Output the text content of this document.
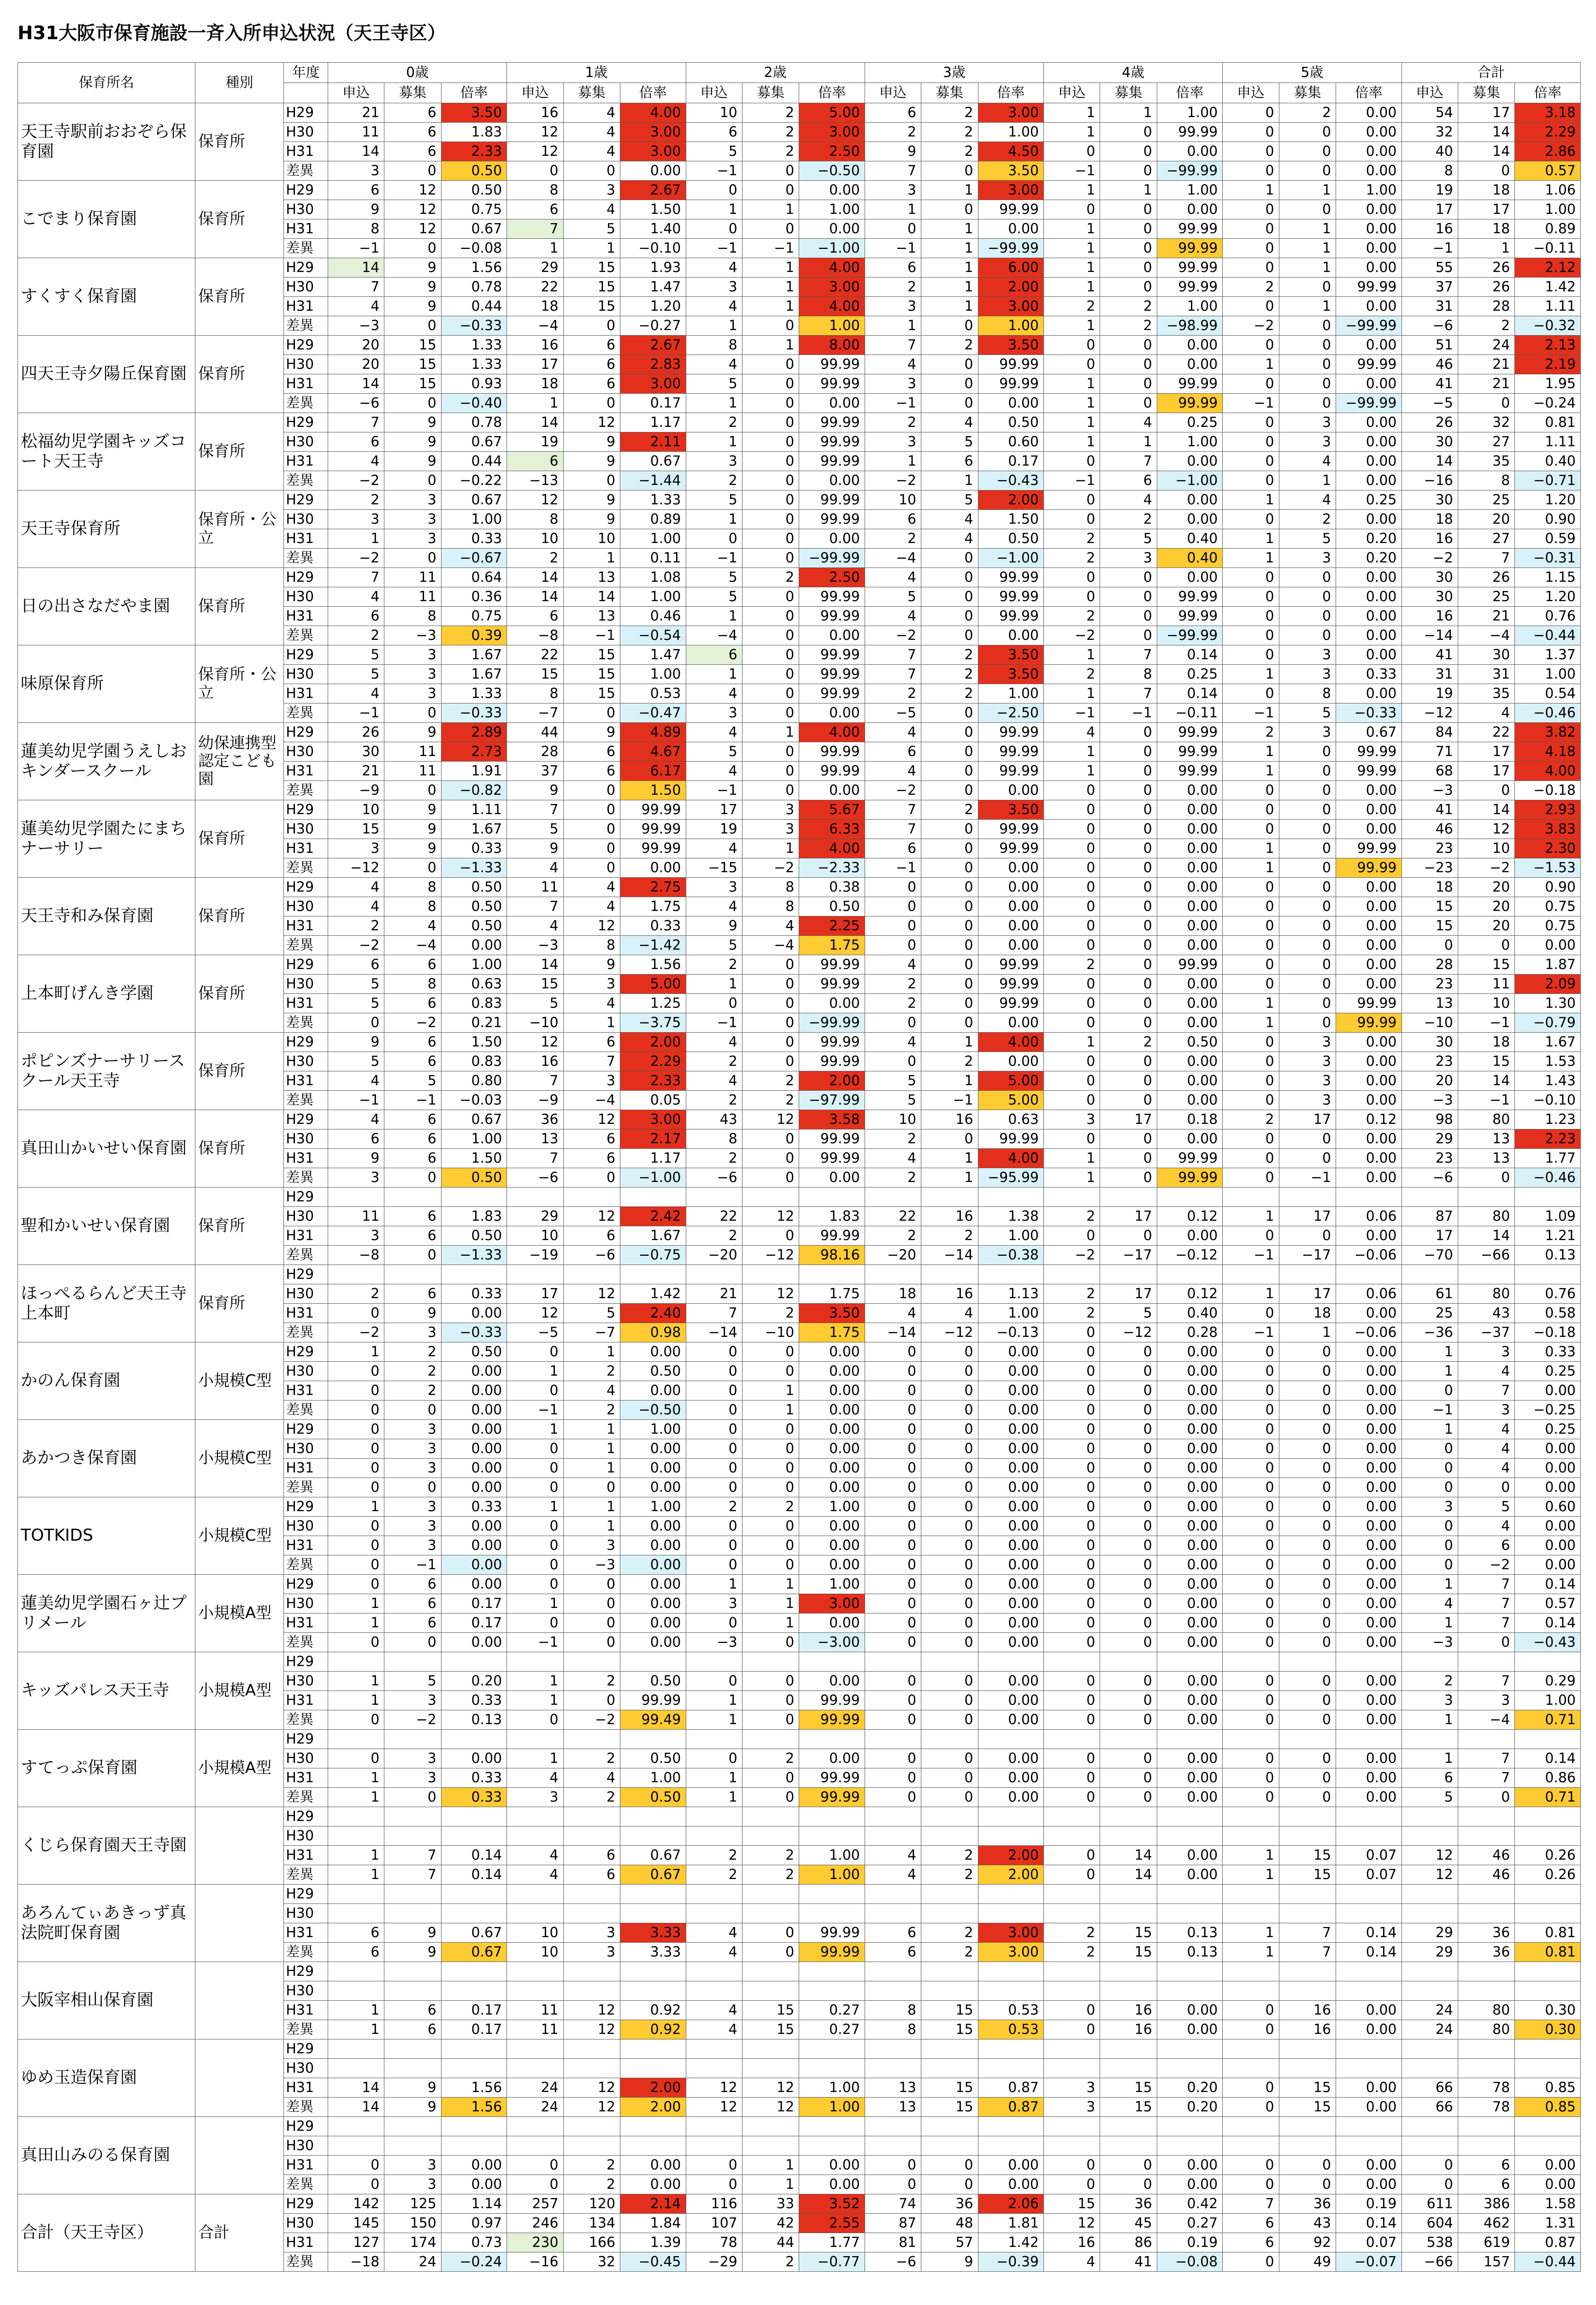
H31大阪市保育施設一斉入所申込状況（天王寺区）
保育所名	種別	年度	0歳			1歳			2歳			3歳			4歳			5歳			合計		
			申込	募集	倍率	申込	募集	倍率	申込	募集	倍率	申込	募集	倍率	申込	募集	倍率	申込	募集	倍率	申込	募集	倍率
天王寺駅前おおぞら保育園	保育所	H29	21	6	3.50	16	4	4.00	10	2	5.00	6	2	3.00	1	1	1.00	0	2	0.00	54	17	3.18
		H30	11	6	1.83	12	4	3.00	6	2	3.00	2	2	1.00	1	0	99.99	0	0	0.00	32	14	2.29
		H31	14	6	2.33	12	4	3.00	5	2	2.50	9	2	4.50	0	0	0.00	0	0	0.00	40	14	2.86
		差異	3	0	0.50	0	0	0.00	−1	0	−0.50	7	0	3.50	−1	0	−99.99	0	0	0.00	8	0	0.57
こでまり保育園	保育所	H29	6	12	0.50	8	3	2.67	0	0	0.00	3	1	3.00	1	1	1.00	1	1	1.00	19	18	1.06
		H30	9	12	0.75	6	4	1.50	1	1	1.00	1	0	99.99	0	0	0.00	0	0	0.00	17	17	1.00
		H31	8	12	0.67	7	5	1.40	0	0	0.00	0	1	0.00	1	0	99.99	0	1	0.00	16	18	0.89
		差異	−1	0	−0.08	1	1	−0.10	−1	−1	−1.00	−1	1	−99.99	1	0	99.99	0	1	0.00	−1	1	−0.11
すくすく保育園	保育所	H29	14	9	1.56	29	15	1.93	4	1	4.00	6	1	6.00	1	0	99.99	0	1	0.00	55	26	2.12
		H30	7	9	0.78	22	15	1.47	3	1	3.00	2	1	2.00	1	0	99.99	2	0	99.99	37	26	1.42
		H31	4	9	0.44	18	15	1.20	4	1	4.00	3	1	3.00	2	2	1.00	0	1	0.00	31	28	1.11
		差異	−3	0	−0.33	−4	0	−0.27	1	0	1.00	1	0	1.00	1	2	−98.99	−2	0	−99.99	−6	2	−0.32
四天王寺夕陽丘保育園	保育所	H29	20	15	1.33	16	6	2.67	8	1	8.00	7	2	3.50	0	0	0.00	0	0	0.00	51	24	2.13
		H30	20	15	1.33	17	6	2.83	4	0	99.99	4	0	99.99	0	0	0.00	1	0	99.99	46	21	2.19
		H31	14	15	0.93	18	6	3.00	5	0	99.99	3	0	99.99	1	0	99.99	0	0	0.00	41	21	1.95
		差異	−6	0	−0.40	1	0	0.17	1	0	0.00	−1	0	0.00	1	0	99.99	−1	0	−99.99	−5	0	−0.24
松福幼児学園キッズコート天王寺	保育所	H29	7	9	0.78	14	12	1.17	2	0	99.99	2	4	0.50	1	4	0.25	0	3	0.00	26	32	0.81
		H30	6	9	0.67	19	9	2.11	1	0	99.99	3	5	0.60	1	1	1.00	0	3	0.00	30	27	1.11
		H31	4	9	0.44	6	9	0.67	3	0	99.99	1	6	0.17	0	7	0.00	0	4	0.00	14	35	0.40
		差異	−2	0	−0.22	−13	0	−1.44	2	0	0.00	−2	1	−0.43	−1	6	−1.00	0	1	0.00	−16	8	−0.71
天王寺保育所	保育所・公立	H29	2	3	0.67	12	9	1.33	5	0	99.99	10	5	2.00	0	4	0.00	1	4	0.25	30	25	1.20
		H30	3	3	1.00	8	9	0.89	1	0	99.99	6	4	1.50	0	2	0.00	0	2	0.00	18	20	0.90
		H31	1	3	0.33	10	10	1.00	0	0	0.00	2	4	0.50	2	5	0.40	1	5	0.20	16	27	0.59
		差異	−2	0	−0.67	2	1	0.11	−1	0	−99.99	−4	0	−1.00	2	3	0.40	1	3	0.20	−2	7	−0.31
日の出さなだやま園	保育所	H29	7	11	0.64	14	13	1.08	5	2	2.50	4	0	99.99	0	0	0.00	0	0	0.00	30	26	1.15
		H30	4	11	0.36	14	14	1.00	5	0	99.99	5	0	99.99	0	0	99.99	0	0	0.00	30	25	1.20
		H31	6	8	0.75	6	13	0.46	1	0	99.99	4	0	99.99	2	0	99.99	0	0	0.00	16	21	0.76
		差異	2	−3	0.39	−8	−1	−0.54	−4	0	0.00	−2	0	0.00	−2	0	−99.99	0	0	0.00	−14	−4	−0.44
味原保育所	保育所・公立	H29	5	3	1.67	22	15	1.47	6	0	99.99	7	2	3.50	1	7	0.14	0	3	0.00	41	30	1.37
		H30	5	3	1.67	15	15	1.00	1	0	99.99	7	2	3.50	2	8	0.25	1	3	0.33	31	31	1.00
		H31	4	3	1.33	8	15	0.53	4	0	99.99	2	2	1.00	1	7	0.14	0	8	0.00	19	35	0.54
		差異	−1	0	−0.33	−7	0	−0.47	3	0	0.00	−5	0	−2.50	−1	−1	−0.11	−1	5	−0.33	−12	4	−0.46
蓮美幼児学園うえしおキンダースクール	幼保連携型認定こども園	H29	26	9	2.89	44	9	4.89	4	1	4.00	4	0	99.99	4	0	99.99	2	3	0.67	84	22	3.82
		H30	30	11	2.73	28	6	4.67	5	0	99.99	6	0	99.99	1	0	99.99	1	0	99.99	71	17	4.18
		H31	21	11	1.91	37	6	6.17	4	0	99.99	4	0	99.99	1	0	99.99	1	0	99.99	68	17	4.00
		差異	−9	0	−0.82	9	0	1.50	−1	0	0.00	−2	0	0.00	0	0	0.00	0	0	0.00	−3	0	−0.18
蓮美幼児学園たにまちナーサリー	保育所	H29	10	9	1.11	7	0	99.99	17	3	5.67	7	2	3.50	0	0	0.00	0	0	0.00	41	14	2.93
		H30	15	9	1.67	5	0	99.99	19	3	6.33	7	0	99.99	0	0	0.00	0	0	0.00	46	12	3.83
		H31	3	9	0.33	9	0	99.99	4	1	4.00	6	0	99.99	0	0	0.00	1	0	99.99	23	10	2.30
		差異	−12	0	−1.33	4	0	0.00	−15	−2	−2.33	−1	0	0.00	0	0	0.00	1	0	99.99	−23	−2	−1.53
天王寺和み保育園	保育所	H29	4	8	0.50	11	4	2.75	3	8	0.38	0	0	0.00	0	0	0.00	0	0	0.00	18	20	0.90
		H30	4	8	0.50	7	4	1.75	4	8	0.50	0	0	0.00	0	0	0.00	0	0	0.00	15	20	0.75
		H31	2	4	0.50	4	12	0.33	9	4	2.25	0	0	0.00	0	0	0.00	0	0	0.00	15	20	0.75
		差異	−2	−4	0.00	−3	8	−1.42	5	−4	1.75	0	0	0.00	0	0	0.00	0	0	0.00	0	0	0.00
上本町げんき学園	保育所	H29	6	6	1.00	14	9	1.56	2	0	99.99	4	0	99.99	2	0	99.99	0	0	0.00	28	15	1.87
		H30	5	8	0.63	15	3	5.00	1	0	99.99	2	0	99.99	0	0	0.00	0	0	0.00	23	11	2.09
		H31	5	6	0.83	5	4	1.25	0	0	0.00	2	0	99.99	0	0	0.00	1	0	99.99	13	10	1.30
		差異	0	−2	0.21	−10	1	−3.75	−1	0	−99.99	0	0	0.00	0	0	0.00	1	0	99.99	−10	−1	−0.79
ポピンズナーサリースクール天王寺	保育所	H29	9	6	1.50	12	6	2.00	4	0	99.99	4	1	4.00	1	2	0.50	0	3	0.00	30	18	1.67
		H30	5	6	0.83	16	7	2.29	2	0	99.99	0	2	0.00	0	0	0.00	0	3	0.00	23	15	1.53
		H31	4	5	0.80	7	3	2.33	4	2	2.00	5	1	5.00	0	0	0.00	0	3	0.00	20	14	1.43
		差異	−1	−1	−0.03	−9	−4	0.05	2	2	−97.99	5	−1	5.00	0	0	0.00	0	3	0.00	−3	−1	−0.10
真田山かいせい保育園	保育所	H29	4	6	0.67	36	12	3.00	43	12	3.58	10	16	0.63	3	17	0.18	2	17	0.12	98	80	1.23
		H30	6	6	1.00	13	6	2.17	8	0	99.99	2	0	99.99	0	0	0.00	0	0	0.00	29	13	2.23
		H31	9	6	1.50	7	6	1.17	2	0	99.99	4	1	4.00	1	0	99.99	0	0	0.00	23	13	1.77
		差異	3	0	0.50	−6	0	−1.00	−6	0	0.00	2	1	−95.99	1	0	99.99	0	−1	0.00	−6	0	−0.46
聖和かいせい保育園	保育所	H29																					
		H30	11	6	1.83	29	12	2.42	22	12	1.83	22	16	1.38	2	17	0.12	1	17	0.06	87	80	1.09
		H31	3	6	0.50	10	6	1.67	2	0	99.99	2	2	1.00	0	0	0.00	0	0	0.00	17	14	1.21
		差異	−8	0	−1.33	−19	−6	−0.75	−20	−12	98.16	−20	−14	−0.38	−2	−17	−0.12	−1	−17	−0.06	−70	−66	0.13
ほっぺるらんど天王寺上本町	保育所	H29																					
		H30	2	6	0.33	17	12	1.42	21	12	1.75	18	16	1.13	2	17	0.12	1	17	0.06	61	80	0.76
		H31	0	9	0.00	12	5	2.40	7	2	3.50	4	4	1.00	2	5	0.40	0	18	0.00	25	43	0.58
		差異	−2	3	−0.33	−5	−7	0.98	−14	−10	1.75	−14	−12	−0.13	0	−12	0.28	−1	1	−0.06	−36	−37	−0.18
かのん保育園	小規模C型	H29	1	2	0.50	0	1	0.00	0	0	0.00	0	0	0.00	0	0	0.00	0	0	0.00	1	3	0.33
		H30	0	2	0.00	1	2	0.50	0	0	0.00	0	0	0.00	0	0	0.00	0	0	0.00	1	4	0.25
		H31	0	2	0.00	0	4	0.00	0	1	0.00	0	0	0.00	0	0	0.00	0	0	0.00	0	7	0.00
		差異	0	0	0.00	−1	2	−0.50	0	1	0.00	0	0	0.00	0	0	0.00	0	0	0.00	−1	3	−0.25
あかつき保育園	小規模C型	H29	0	3	0.00	1	1	1.00	0	0	0.00	0	0	0.00	0	0	0.00	0	0	0.00	1	4	0.25
		H30	0	3	0.00	0	1	0.00	0	0	0.00	0	0	0.00	0	0	0.00	0	0	0.00	0	4	0.00
		H31	0	3	0.00	0	1	0.00	0	0	0.00	0	0	0.00	0	0	0.00	0	0	0.00	0	4	0.00
		差異	0	0	0.00	0	0	0.00	0	0	0.00	0	0	0.00	0	0	0.00	0	0	0.00	0	0	0.00
TOTKIDS	小規模C型	H29	1	3	0.33	1	1	1.00	2	2	1.00	0	0	0.00	0	0	0.00	0	0	0.00	3	5	0.60
		H30	0	3	0.00	0	1	0.00	0	0	0.00	0	0	0.00	0	0	0.00	0	0	0.00	0	4	0.00
		H31	0	3	0.00	0	3	0.00	0	0	0.00	0	0	0.00	0	0	0.00	0	0	0.00	0	6	0.00
		差異	0	−1	0.00	0	−3	0.00	0	0	0.00	0	0	0.00	0	0	0.00	0	0	0.00	0	−2	0.00
蓮美幼児学園石ヶ辻プリメール	小規模A型	H29	0	6	0.00	0	0	0.00	1	1	1.00	0	0	0.00	0	0	0.00	0	0	0.00	1	7	0.14
		H30	1	6	0.17	1	0	0.00	3	1	3.00	0	0	0.00	0	0	0.00	0	0	0.00	4	7	0.57
		H31	1	6	0.17	0	0	0.00	0	1	0.00	0	0	0.00	0	0	0.00	0	0	0.00	1	7	0.14
		差異	0	0	0.00	−1	0	0.00	−3	0	−3.00	0	0	0.00	0	0	0.00	0	0	0.00	−3	0	−0.43
キッズパレス天王寺	小規模A型	H29																					
		H30	1	5	0.20	1	2	0.50	0	0	0.00	0	0	0.00	0	0	0.00	0	0	0.00	2	7	0.29
		H31	1	3	0.33	1	0	99.99	1	0	99.99	0	0	0.00	0	0	0.00	0	0	0.00	3	3	1.00
		差異	0	−2	0.13	0	−2	99.49	1	0	99.99	0	0	0.00	0	0	0.00	0	0	0.00	1	−4	0.71
すてっぷ保育園	小規模A型	H29																					
		H30	0	3	0.00	1	2	0.50	0	2	0.00	0	0	0.00	0	0	0.00	0	0	0.00	1	7	0.14
		H31	1	3	0.33	4	4	1.00	1	0	99.99	0	0	0.00	0	0	0.00	0	0	0.00	6	7	0.86
		差異	1	0	0.33	3	2	0.50	1	0	99.99	0	0	0.00	0	0	0.00	0	0	0.00	5	0	0.71
くじら保育園天王寺園		H29																					
		H30																					
		H31	1	7	0.14	4	6	0.67	2	2	1.00	4	2	2.00	0	14	0.00	1	15	0.07	12	46	0.26
		差異	1	7	0.14	4	6	0.67	2	2	1.00	4	2	2.00	0	14	0.00	1	15	0.07	12	46	0.26
あろんてぃあきっず真法院町保育園		H29																					
		H30																					
		H31	6	9	0.67	10	3	3.33	4	0	99.99	6	2	3.00	2	15	0.13	1	7	0.14	29	36	0.81
		差異	6	9	0.67	10	3	3.33	4	0	99.99	6	2	3.00	2	15	0.13	1	7	0.14	29	36	0.81
大阪宰相山保育園		H29																					
		H30																					
		H31	1	6	0.17	11	12	0.92	4	15	0.27	8	15	0.53	0	16	0.00	0	16	0.00	24	80	0.30
		差異	1	6	0.17	11	12	0.92	4	15	0.27	8	15	0.53	0	16	0.00	0	16	0.00	24	80	0.30
ゆめ玉造保育園		H29																					
		H30																					
		H31	14	9	1.56	24	12	2.00	12	12	1.00	13	15	0.87	3	15	0.20	0	15	0.00	66	78	0.85
		差異	14	9	1.56	24	12	2.00	12	12	1.00	13	15	0.87	3	15	0.20	0	15	0.00	66	78	0.85
真田山みのる保育園		H29																					
		H30																					
		H31	0	3	0.00	0	2	0.00	0	1	0.00	0	0	0.00	0	0	0.00	0	0	0.00	0	6	0.00
		差異	0	3	0.00	0	2	0.00	0	1	0.00	0	0	0.00	0	0	0.00	0	0	0.00	0	6	0.00
合計（天王寺区）	合計	H29	142	125	1.14	257	120	2.14	116	33	3.52	74	36	2.06	15	36	0.42	7	36	0.19	611	386	1.58
		H30	145	150	0.97	246	134	1.84	107	42	2.55	87	48	1.81	12	45	0.27	6	43	0.14	604	462	1.31
		H31	127	174	0.73	230	166	1.39	78	44	1.77	81	57	1.42	16	86	0.19	6	92	0.07	538	619	0.87
		差異	−18	24	−0.24	−16	32	−0.45	−29	2	−0.77	−6	9	−0.39	4	41	−0.08	0	49	−0.07	−66	157	−0.44
